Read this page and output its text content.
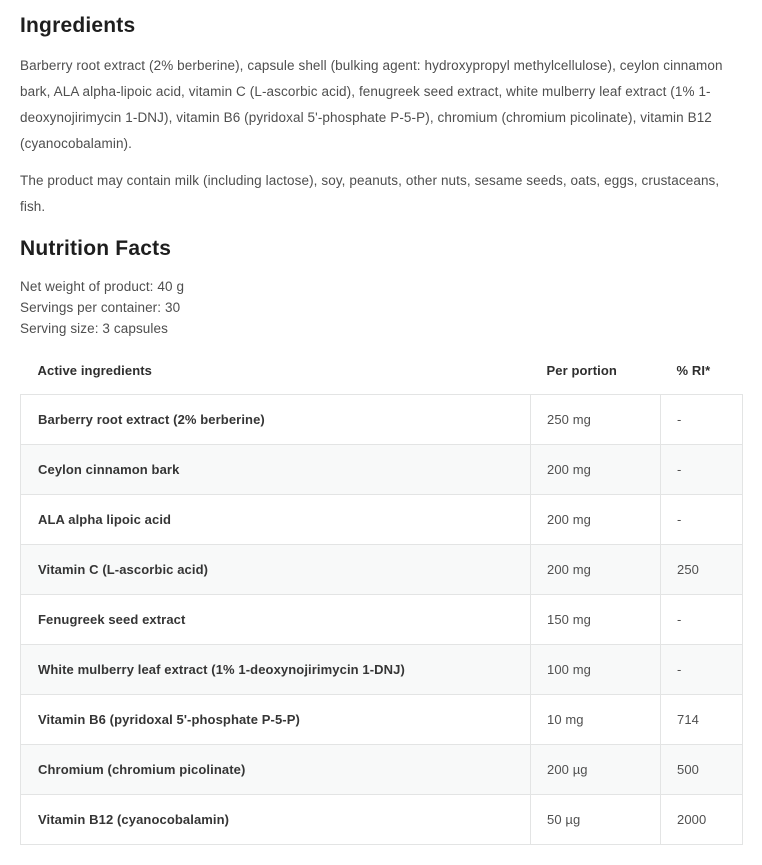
Ingredients

Barberry root extract (2% berberine), capsule shell (bulking agent: hydroxypropyl methylcellulose), ceylon cinnamon bark, ALA alpha-lipoic acid, vitamin C (L-ascorbic acid), fenugreek seed extract, white mulberry leaf extract (1% 1-deoxynojirimycin 1-DNJ), vitamin B6 (pyridoxal 5'-phosphate P-5-P), chromium (chromium picolinate), vitamin B12 (cyanocobalamin).

The product may contain milk (including lactose), soy, peanuts, other nuts, sesame seeds, oats, eggs, crustaceans, fish.

Nutrition Facts

Net weight of product: 40 g

Servings per container: 30

Serving size: 3 capsules

Active ingredients	Per portion	% RI*
Barberry root extract (2% berberine)	250 mg	-
Ceylon cinnamon bark	200 mg	-
ALA alpha lipoic acid	200 mg	-
Vitamin C (L-ascorbic acid)	200 mg	250
Fenugreek seed extract	150 mg	-
White mulberry leaf extract (1% 1-deoxynojirimycin 1-DNJ)	100 mg	-
Vitamin B6 (pyridoxal 5'-phosphate P-5-P)	10 mg	714
Chromium (chromium picolinate)	200 µg	500
Vitamin B12 (cyanocobalamin)	50 µg	2000
